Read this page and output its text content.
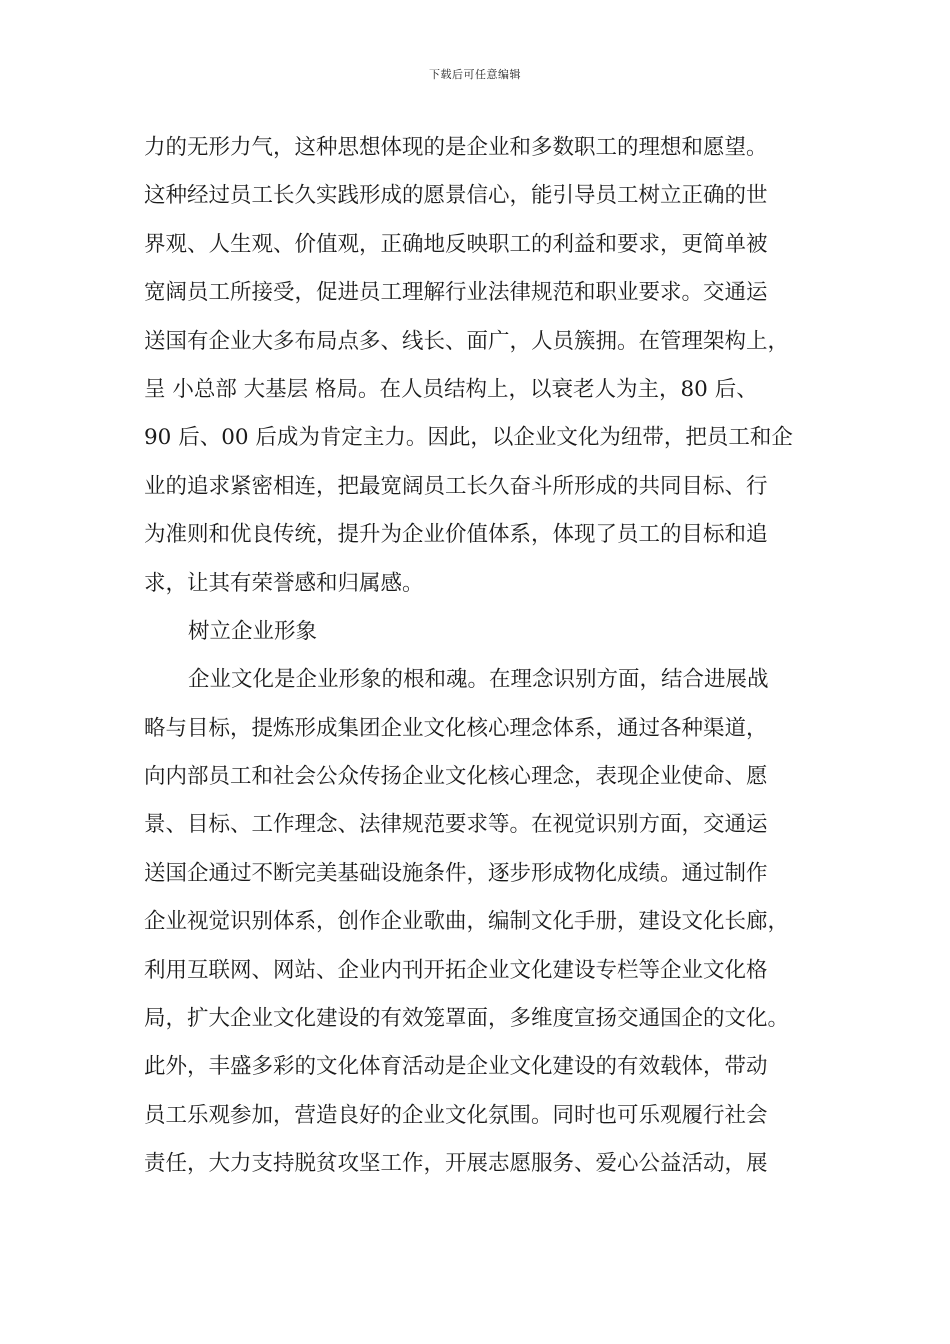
下载后可任意编辑
力的无形力气，这种思想体现的是企业和多数职工的理想和愿望。
这种经过员工长久实践形成的愿景信心，能引导员工树立正确的世
界观、人生观、价值观，正确地反映职工的利益和要求，更简单被
宽阔员工所接受，促进员工理解行业法律规范和职业要求。交通运
送国有企业大多布局点多、线长、面广，人员簇拥。在管理架构上，
呈 小总部 大基层 格局。在人员结构上，以衰老人为主，80 后、
90 后、00 后成为肯定主力。因此，以企业文化为纽带，把员工和企
业的追求紧密相连，把最宽阔员工长久奋斗所形成的共同目标、行
为准则和优良传统，提升为企业价值体系，体现了员工的目标和追
求，让其有荣誉感和归属感。
树立企业形象
企业文化是企业形象的根和魂。在理念识别方面，结合进展战
略与目标，提炼形成集团企业文化核心理念体系，通过各种渠道，
向内部员工和社会公众传扬企业文化核心理念，表现企业使命、愿
景、目标、工作理念、法律规范要求等。在视觉识别方面，交通运
送国企通过不断完美基础设施条件，逐步形成物化成绩。通过制作
企业视觉识别体系，创作企业歌曲，编制文化手册，建设文化长廊，
利用互联网、网站、企业内刊开拓企业文化建设专栏等企业文化格
局，扩大企业文化建设的有效笼罩面，多维度宣扬交通国企的文化。
此外，丰盛多彩的文化体育活动是企业文化建设的有效载体，带动
员工乐观参加，营造良好的企业文化氛围。同时也可乐观履行社会
责任，大力支持脱贫攻坚工作，开展志愿服务、爱心公益活动，展
